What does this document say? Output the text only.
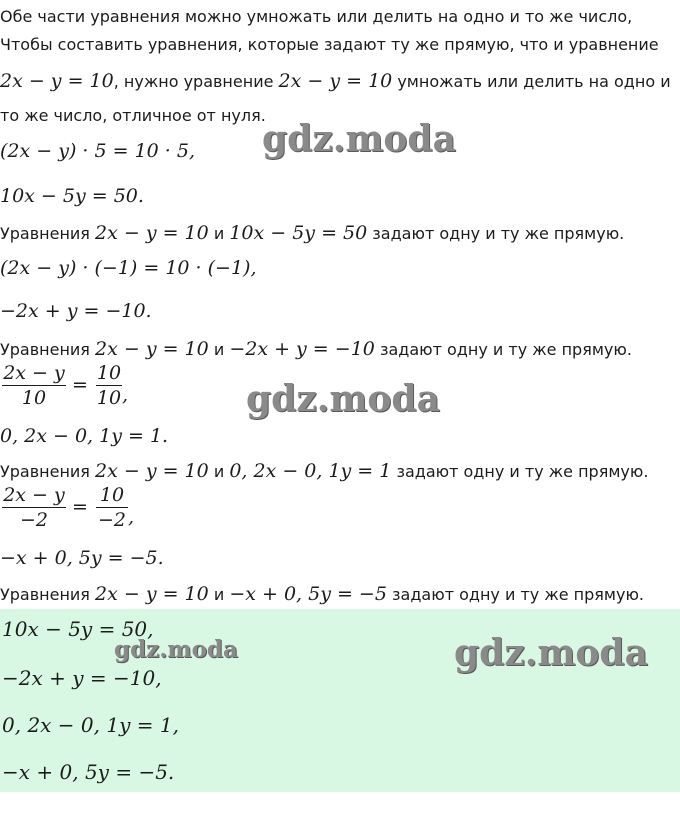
Обе части уравнения можно умножать или делить на одно и то же число,
Чтобы составить уравнения, которые задают ту же прямую, что и уравнение
2x − y = 10, нужно уравнение 2x − y = 10 умножать или делить на одно и
то же число, отличное от нуля.
(2x − y) · 5 = 10 · 5,
10x − 5y = 50.
Уравнения 2x − y = 10 и 10x − 5y = 50 задают одну и ту же прямую.
(2x − y) · (−1) = 10 · (−1),
−2x + y = −10.
Уравнения 2x − y = 10 и −2x + y = −10 задают одну и ту же прямую.
2x − y
10
=
10
10 ,
0, 2x − 0, 1y = 1.
Уравнения 2x − y = 10 и 0, 2x − 0, 1y = 1 задают одну и ту же прямую.
2x − y
−2
=
10
−2 ,
−x + 0, 5y = −5.
Уравнения 2x − y = 10 и −x + 0, 5y = −5 задают одну и ту же прямую.
10x − 5y = 50,
−2x + y = −10,
0, 2x − 0, 1y = 1,
−x + 0, 5y = −5.
gdz.moda
gdz.moda
gdz.moda	gdz.moda
